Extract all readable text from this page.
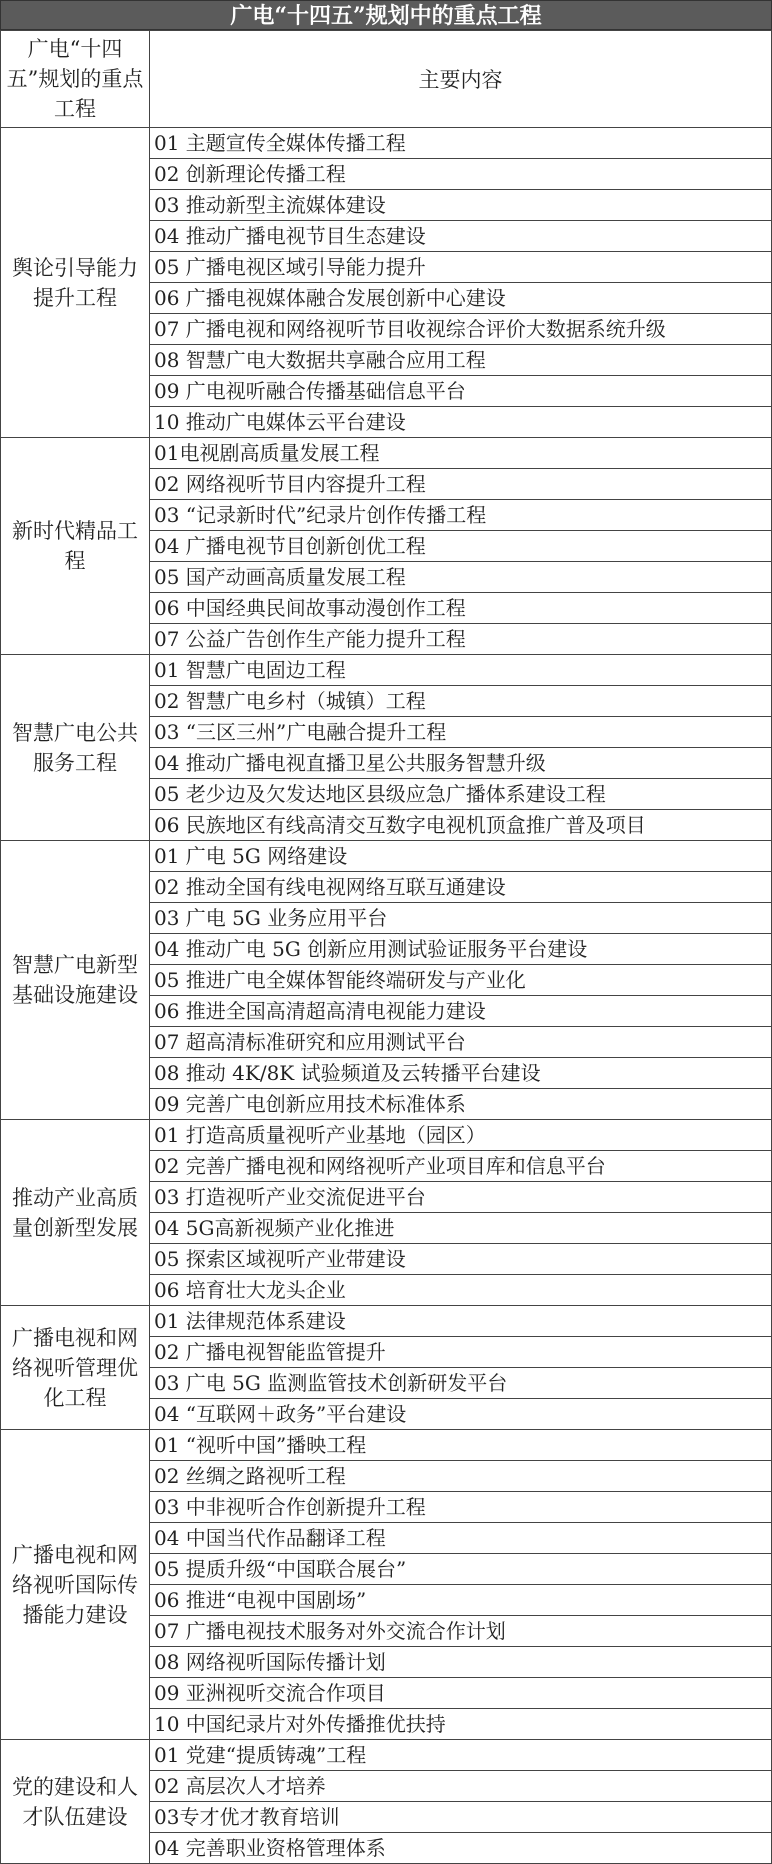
广电“十四五”规划中的重点工程
广电“十四五”规划的重点工程	主要内容
舆论引导能力提升工程	01 主题宣传全媒体传播工程
	02 创新理论传播工程
	03 推动新型主流媒体建设
	04 推动广播电视节目生态建设
	05 广播电视区域引导能力提升
	06 广播电视媒体融合发展创新中心建设
	07 广播电视和网络视听节目收视综合评价大数据系统升级
	08 智慧广电大数据共享融合应用工程
	09 广电视听融合传播基础信息平台
	10 推动广电媒体云平台建设
新时代精品工程	01电视剧高质量发展工程
	02 网络视听节目内容提升工程
	03 “记录新时代”纪录片创作传播工程
	04 广播电视节目创新创优工程
	05 国产动画高质量发展工程
	06 中国经典民间故事动漫创作工程
	07 公益广告创作生产能力提升工程
智慧广电公共服务工程	01 智慧广电固边工程
	02 智慧广电乡村（城镇）工程
	03 “三区三州”广电融合提升工程
	04 推动广播电视直播卫星公共服务智慧升级
	05 老少边及欠发达地区县级应急广播体系建设工程
	06 民族地区有线高清交互数字电视机顶盒推广普及项目
智慧广电新型基础设施建设	01 广电 5G 网络建设
	02 推动全国有线电视网络互联互通建设
	03 广电 5G 业务应用平台
	04 推动广电 5G 创新应用测试验证服务平台建设
	05 推进广电全媒体智能终端研发与产业化
	06 推进全国高清超高清电视能力建设
	07 超高清标准研究和应用测试平台
	08 推动 4K/8K 试验频道及云转播平台建设
	09 完善广电创新应用技术标准体系
推动产业高质量创新型发展	01 打造高质量视听产业基地（园区）
	02 完善广播电视和网络视听产业项目库和信息平台
	03 打造视听产业交流促进平台
	04 5G高新视频产业化推进
	05 探索区域视听产业带建设
	06 培育壮大龙头企业
广播电视和网络视听管理优化工程	01 法律规范体系建设
	02 广播电视智能监管提升
	03 广电 5G 监测监管技术创新研发平台
	04 “互联网＋政务”平台建设
广播电视和网络视听国际传播能力建设	01 “视听中国”播映工程
	02 丝绸之路视听工程
	03 中非视听合作创新提升工程
	04 中国当代作品翻译工程
	05 提质升级“中国联合展台”
	06 推进“电视中国剧场”
	07 广播电视技术服务对外交流合作计划
	08 网络视听国际传播计划
	09 亚洲视听交流合作项目
	10 中国纪录片对外传播推优扶持
党的建设和人才队伍建设	01 党建“提质铸魂”工程
	02 高层次人才培养
	03专才优才教育培训
	04 完善职业资格管理体系
